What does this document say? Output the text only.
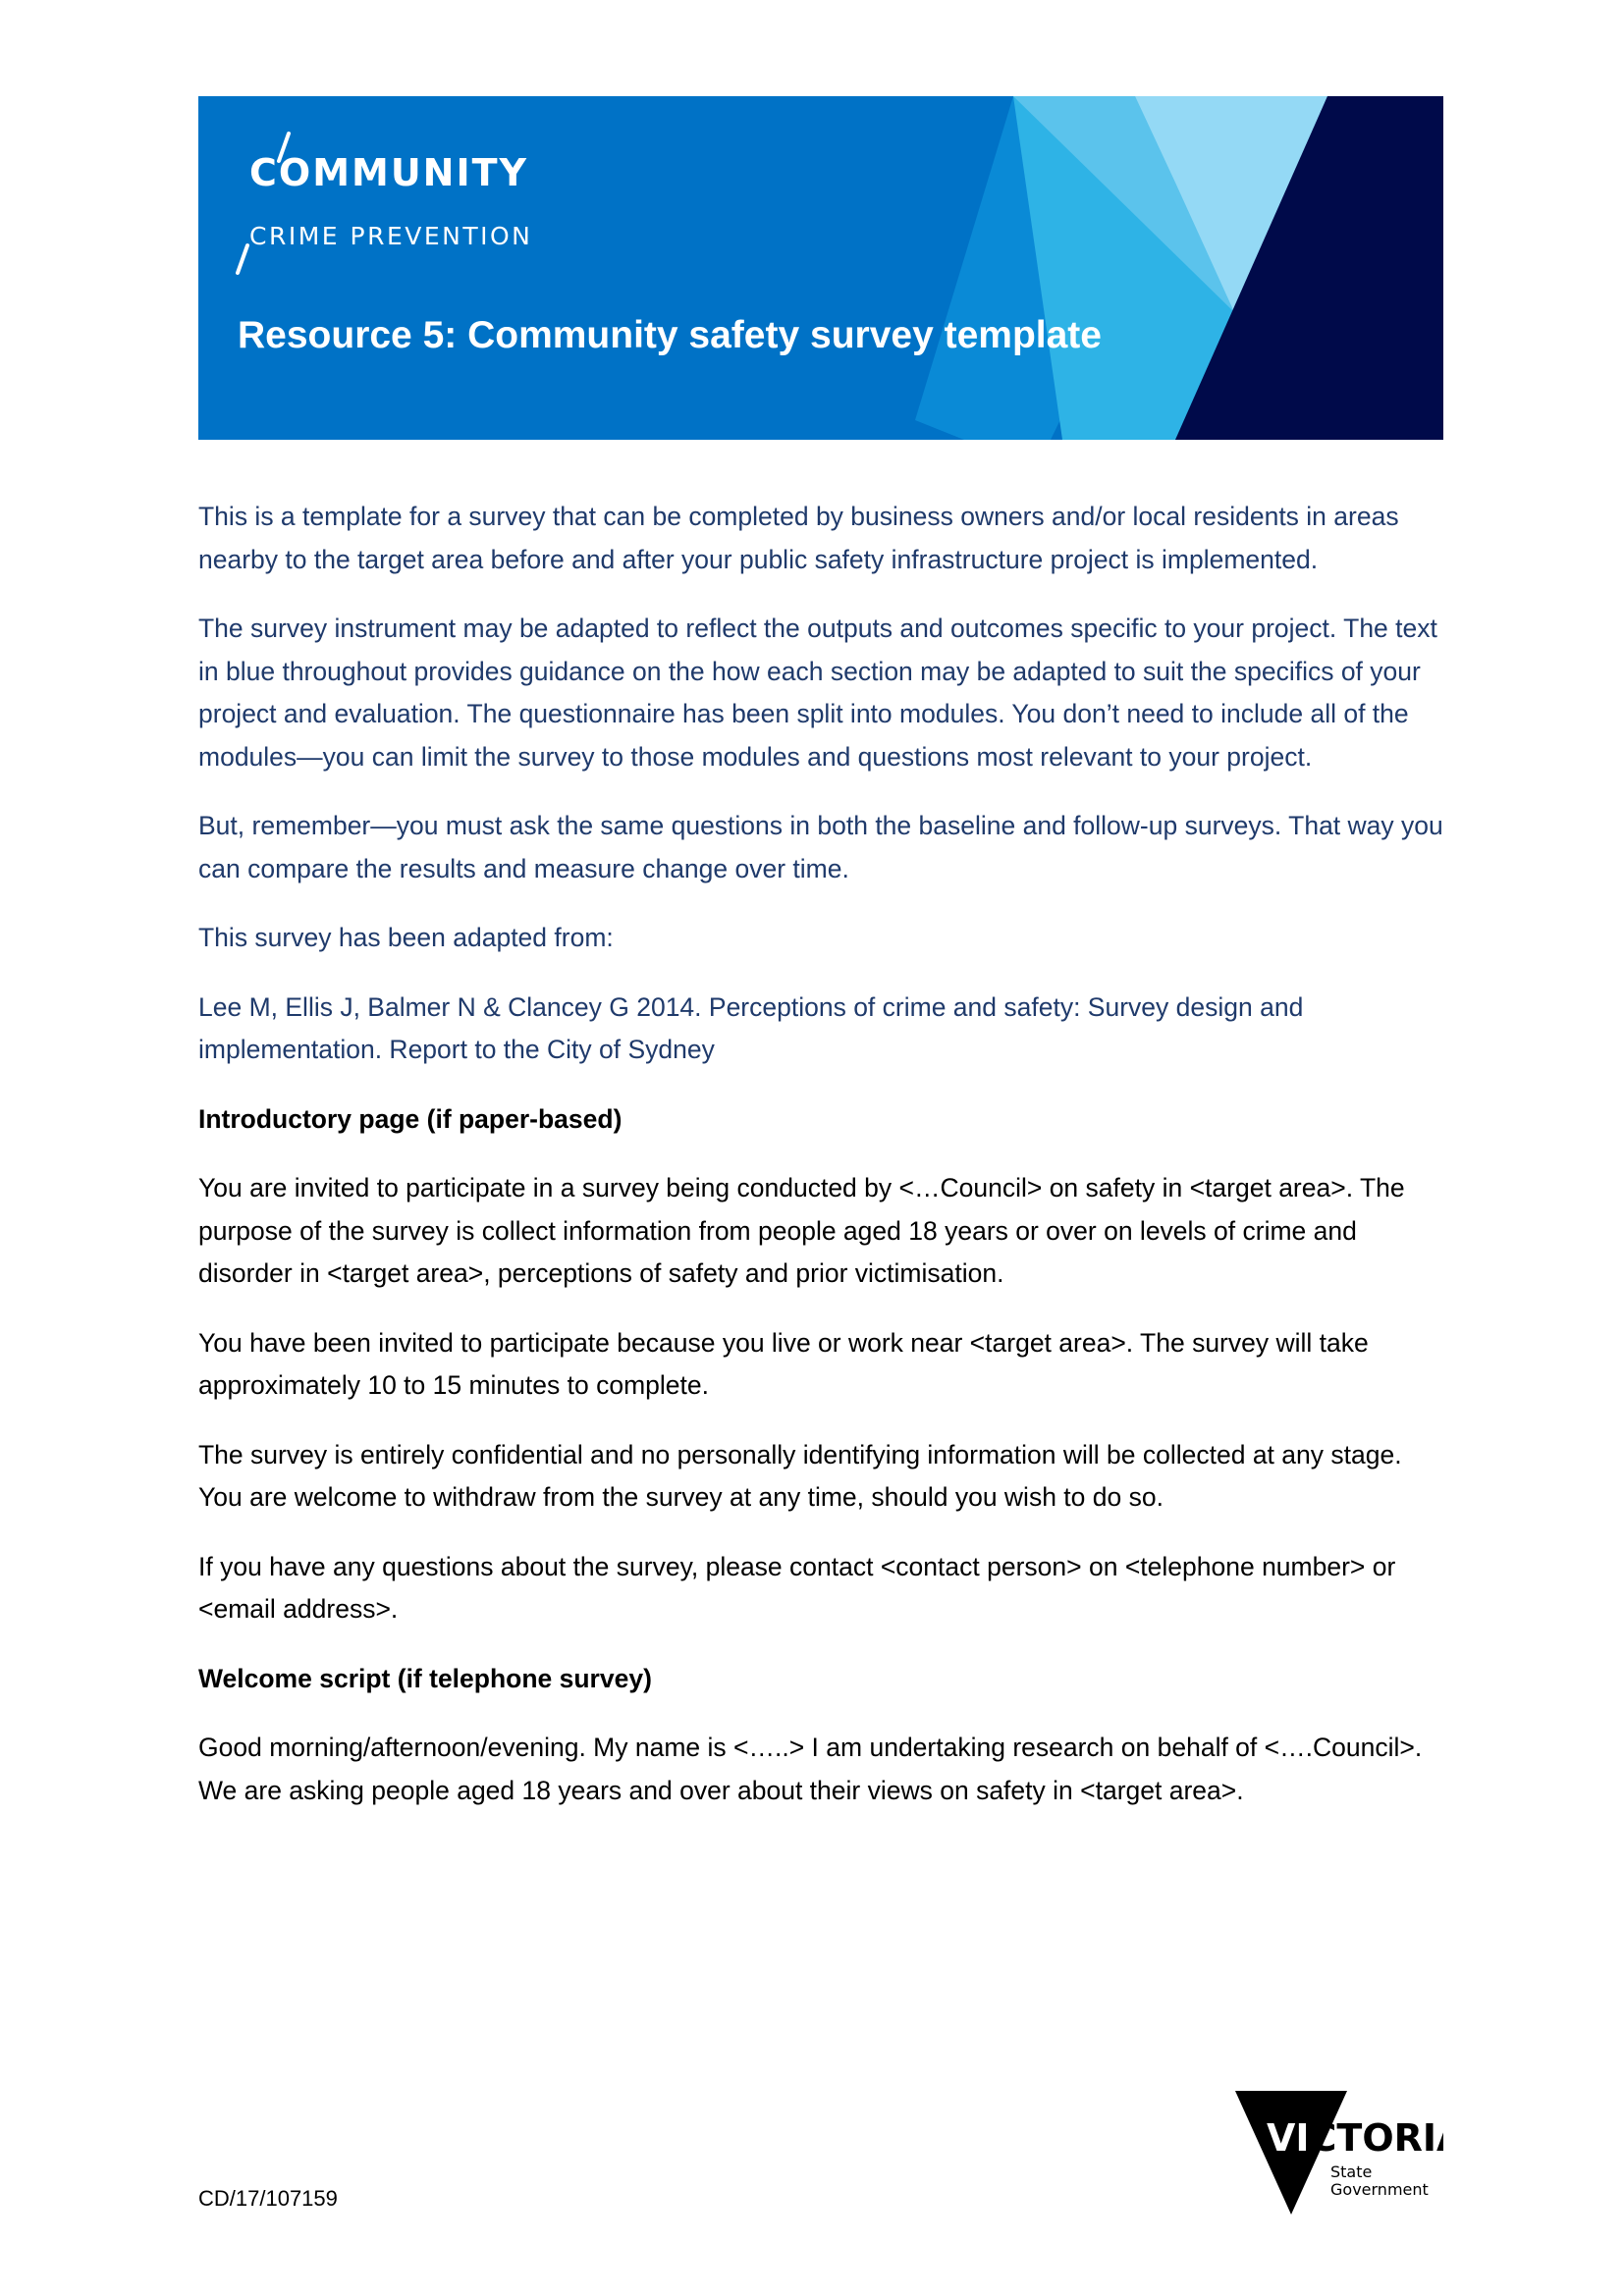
COMMUNITY
CRIME PREVENTION
Resource 5: Community safety survey template

This is a template for a survey that can be completed by business owners and/or local residents in areas nearby to the target area before and after your public safety infrastructure project is implemented.

The survey instrument may be adapted to reflect the outputs and outcomes specific to your project. The text in blue throughout provides guidance on the how each section may be adapted to suit the specifics of your project and evaluation. The questionnaire has been split into modules. You don’t need to include all of the modules—you can limit the survey to those modules and questions most relevant to your project.

But, remember—you must ask the same questions in both the baseline and follow-up surveys. That way you can compare the results and measure change over time.

This survey has been adapted from:

Lee M, Ellis J, Balmer N & Clancey G 2014. Perceptions of crime and safety: Survey design and implementation. Report to the City of Sydney

Introductory page (if paper-based)

You are invited to participate in a survey being conducted by <…Council> on safety in <target area>. The purpose of the survey is collect information from people aged 18 years or over on levels of crime and disorder in <target area>, perceptions of safety and prior victimisation.

You have been invited to participate because you live or work near <target area>. The survey will take approximately 10 to 15 minutes to complete.

The survey is entirely confidential and no personally identifying information will be collected at any stage. You are welcome to withdraw from the survey at any time, should you wish to do so.

If you have any questions about the survey, please contact <contact person> on <telephone number> or <email address>.

Welcome script (if telephone survey)

Good morning/afternoon/evening. My name is <…..> I am undertaking research on behalf of <….Council>. We are asking people aged 18 years and over about their views on safety in <target area>.

CD/17/107159
VICTORIA
State
Government
